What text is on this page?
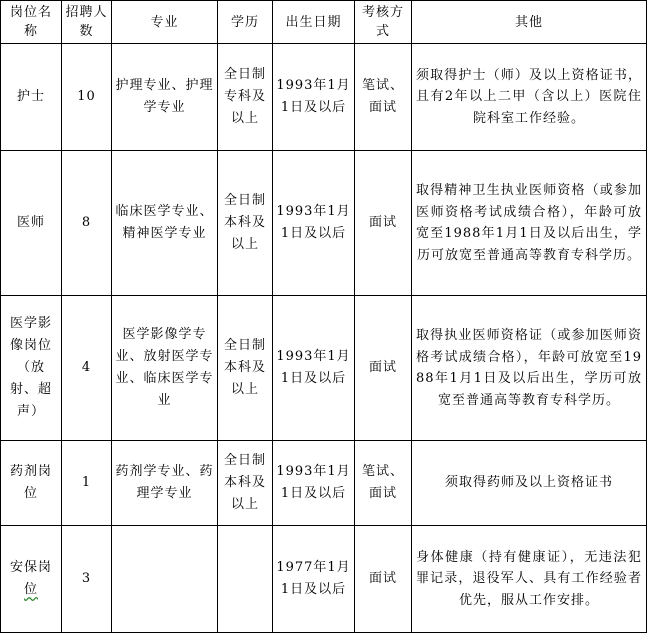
岗位名称	招聘人数	专业	学历	出生日期	考核方式	其他
护士	10	护理专业、护理学专业	全日制专科及以上	1993年1月1日及以后	笔试、面试	须取得护士（师）及以上资格证书，且有2年以上二甲（含以上）医院住院科室工作经验。
医师	8	临床医学专业、精神医学专业	全日制本科及以上	1993年1月1日及以后	面试	取得精神卫生执业医师资格（或参加医师资格考试成绩合格），年龄可放宽至1988年1月1日及以后出生，学历可放宽至普通高等教育专科学历。
医学影像岗位（放射、超声）	4	医学影像学专业、放射医学专业、临床医学专业	全日制本科及以上	1993年1月1日及以后	面试	取得执业医师资格证（或参加医师资格考试成绩合格），年龄可放宽至1988年1月1日及以后出生，学历可放宽至普通高等教育专科学历。
药剂岗位	1	药剂学专业、药理学专业	全日制本科及以上	1993年1月1日及以后	笔试、面试	须取得药师及以上资格证书
安保岗位	3			1977年1月1日及以后	面试	身体健康（持有健康证），无违法犯罪记录，退役军人、具有工作经验者优先，服从工作安排。
